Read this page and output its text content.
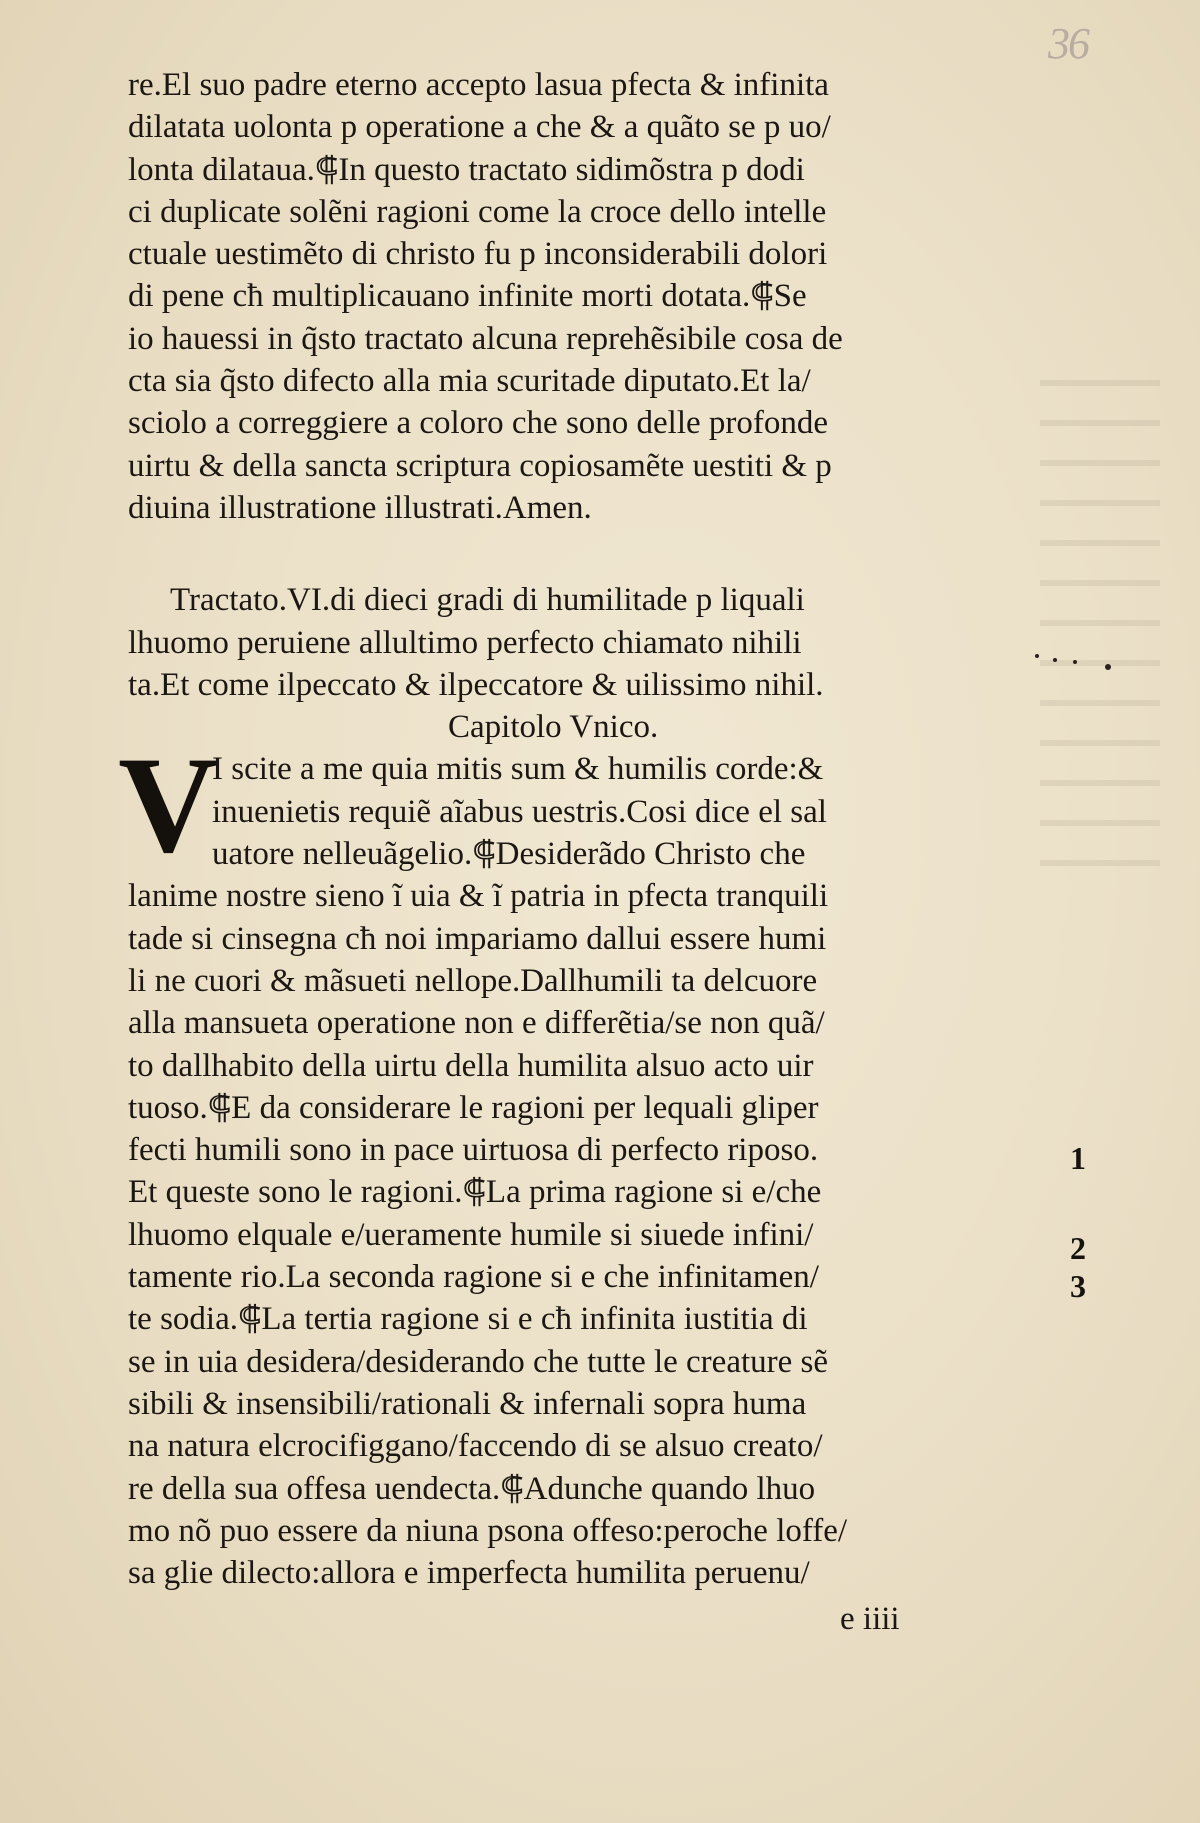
36
re.El suo padre eterno accepto lasua pfecta & infinita
dilatata uolonta p operatione a che & a quãto se p uo/
lonta dilataua.⸿In questo tractato sidimõstra p dodi
ci duplicate solẽni ragioni come la croce dello intelle
ctuale uestimẽto di christo fu p inconsiderabili dolori
di pene cħ multiplicauano infinite morti dotata.⸿Se
io hauessi in q̃sto tractato alcuna reprehẽsibile cosa de
cta sia q̃sto difecto alla mia scuritade diputato.Et la/
sciolo a correggiere a coloro che sono delle profonde
uirtu & della sancta scriptura copiosamẽte uestiti & p
diuina illustratione illustrati.Amen.
Tractato.VI.di dieci gradi di humilitade p liquali
lhuomo peruiene allultimo perfecto chiamato nihili
ta.Et come ilpeccato & ilpeccatore & uilissimo nihil.
Capitolo Vnico.
V
I scite a me quia mitis sum & humilis corde:&
inuenietis requiẽ aĩabus uestris.Cosi dice el sal
uatore nelleuãgelio.⸿Desiderãdo Christo che
lanime nostre sieno ĩ uia & ĩ patria in pfecta tranquili
tade si cinsegna cħ noi impariamo dallui essere humi
li ne cuori & mãsueti nellope.Dallhumili ta delcuore
alla mansueta operatione non e differẽtia/se non quã/
to dallhabito della uirtu della humilita alsuo acto uir
tuoso.⸿E da considerare le ragioni per lequali gliper
fecti humili sono in pace uirtuosa di perfecto riposo.
Et queste sono le ragioni.⸿La prima ragione si e/che
lhuomo elquale e/ueramente humile si siuede infini/
tamente rio.La seconda ragione si e che infinitamen/
te sodia.⸿La tertia ragione si e cħ infinita iustitia di
se in uia desidera/desiderando che tutte le creature sẽ
sibili & insensibili/rationali & infernali sopra huma
na natura elcrocifiggano/faccendo di se alsuo creato/
re della sua offesa uendecta.⸿Adunche quando lhuo
mo nõ puo essere da niuna psona offeso:peroche loffe/
sa glie dilecto:allora e imperfecta humilita peruenu/
e iiii
1
2
3
